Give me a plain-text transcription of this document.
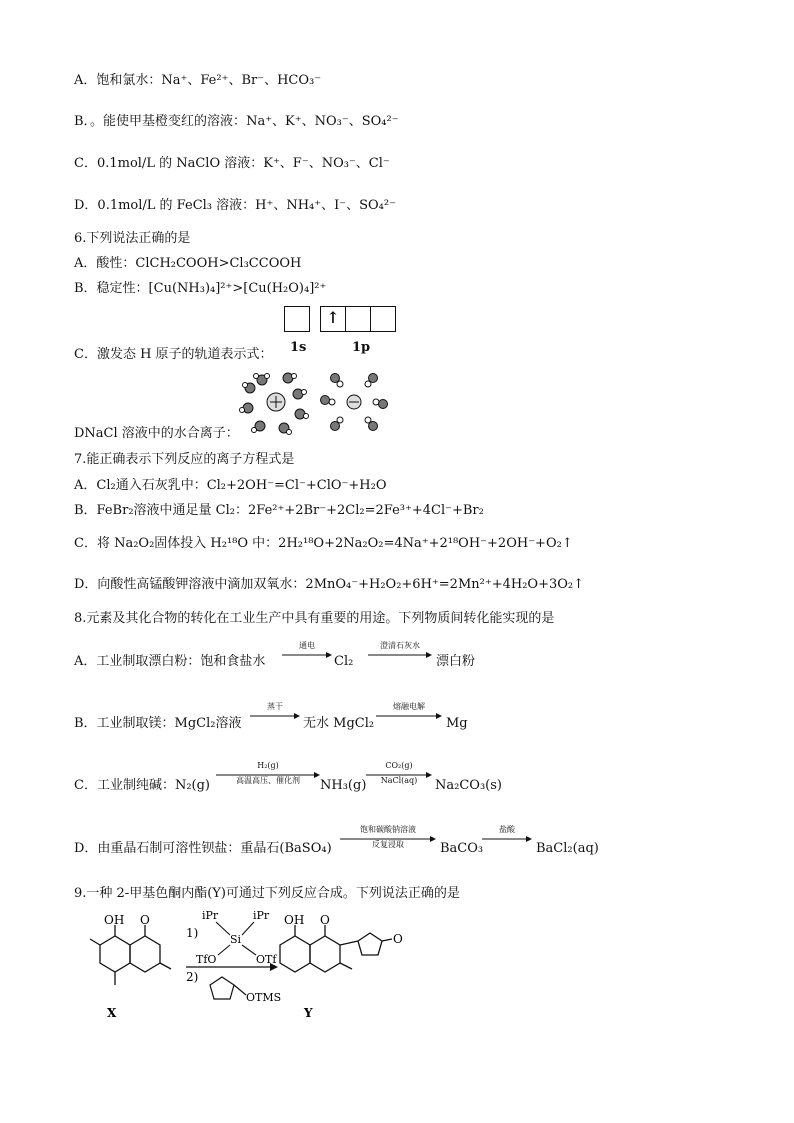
A．饱和氯水：Na⁺、Fe²⁺、Br⁻、HCO₃⁻
B．。能使甲基橙变红的溶液：Na⁺、K⁺、NO₃⁻、SO₄²⁻
C．0.1mol/L 的 NaClO 溶液：K⁺、F⁻、NO₃⁻、Cl⁻
D．0.1mol/L 的 FeCl₃ 溶液：H⁺、NH₄⁺、I⁻、SO₄²⁻
6.下列说法正确的是
A．酸性：ClCH₂COOH>Cl₃CCOOH
B．稳定性：[Cu(NH₃)₄]²⁺>[Cu(H₂O)₄]²⁺
↑
1s	1p
C．激发态 H 原子的轨道表示式：
DNaCl 溶液中的水合离子：
7.能正确表示下列反应的离子方程式是
A．Cl₂通入石灰乳中：Cl₂+2OH⁻=Cl⁻+ClO⁻+H₂O
B．FeBr₂溶液中通足量 Cl₂：2Fe²⁺+2Br⁻+2Cl₂=2Fe³⁺+4Cl⁻+Br₂
C．将 Na₂O₂固体投入 H₂¹⁸O 中：2H₂¹⁸O+2Na₂O₂=4Na⁺+2¹⁸OH⁻+2OH⁻+O₂↑
D．向酸性高锰酸钾溶液中滴加双氧水：2MnO₄⁻+H₂O₂+6H⁺=2Mn²⁺+4H₂O+3O₂↑
8.元素及其化合物的转化在工业生产中具有重要的用途。下列物质间转化能实现的是
A．工业制取漂白粉：饱和食盐水
通电
Cl₂
澄清石灰水
漂白粉
B．工业制取镁：MgCl₂溶液
蒸干
无水 MgCl₂
熔融电解
Mg
C．工业制纯碱：N₂(g)
H₂(g)
高温高压、催化剂	NH₃(g)
CO₂(g)
NaCl(aq)	Na₂CO₃(s)
D．由重晶石制可溶性钡盐：重晶石(BaSO₄)
饱和碳酸钠溶液
反复浸取	BaCO₃
盐酸
BaCl₂(aq)
9.一种 2-甲基色酮内酯(Y)可通过下列反应合成。下列说法正确的是
OH O
X
1)
iPr	iPr
Si
TfO	OTf
2)
OTMS
OH O
O
Y
